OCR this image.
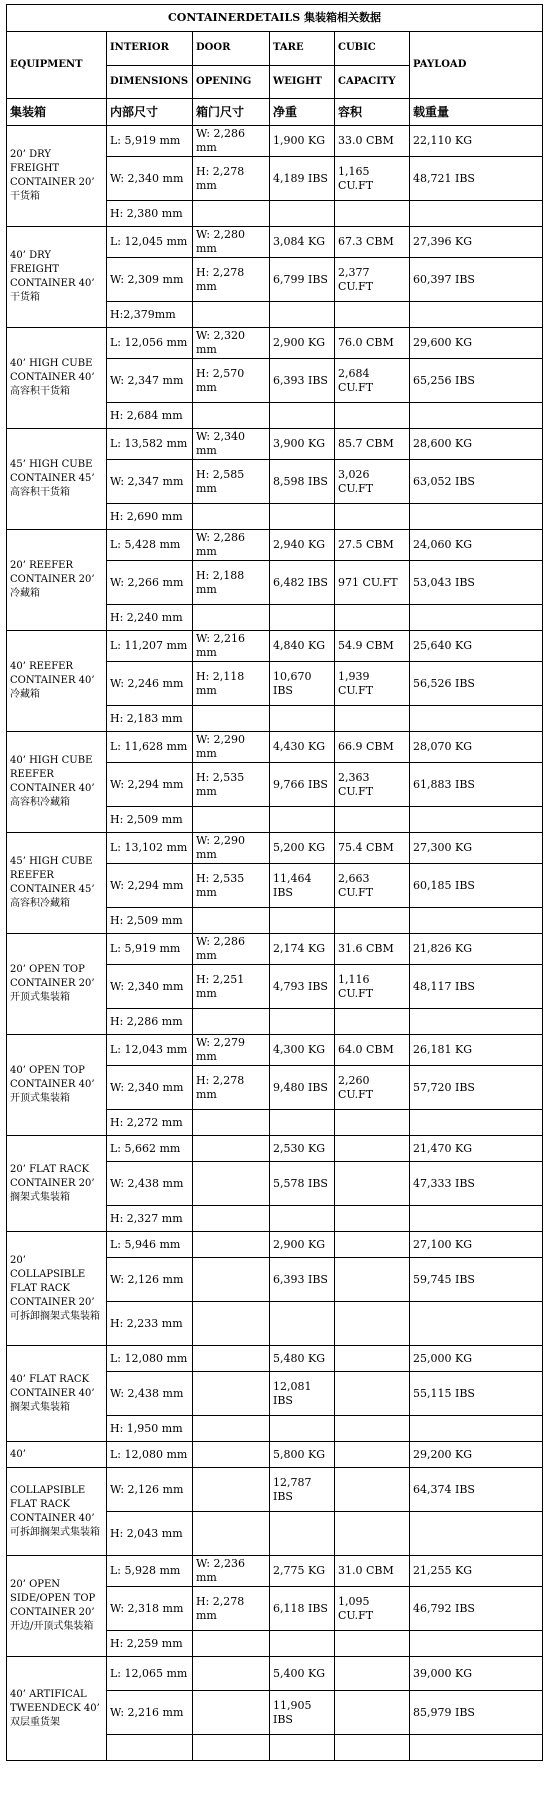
CONTAINERDETAILS 集装箱相关数据					
EQUIPMENT	INTERIOR	DOOR	TARE	CUBIC	PAYLOAD
	DIMENSIONS	OPENING	WEIGHT	CAPACITY	
集装箱	内部尺寸	箱门尺寸	净重	容积	载重量
20’ DRY FREIGHT CONTAINER 20’ 干货箱	L: 5,919 mm	W: 2,286 mm	1,900 KG	33.0 CBM	22,110 KG
	W: 2,340 mm	H: 2,278 mm	4,189 IBS	1,165 CU.FT	48,721 IBS
	H: 2,380 mm				
40’ DRY FREIGHT CONTAINER 40’ 干货箱	L: 12,045 mm	W: 2,280 mm	3,084 KG	67.3 CBM	27,396 KG
	W: 2,309 mm	H: 2,278 mm	6,799 IBS	2,377 CU.FT	60,397 IBS
	H:2,379mm				
40’ HIGH CUBE CONTAINER 40’ 高容积干货箱	L: 12,056 mm	W: 2,320 mm	2,900 KG	76.0 CBM	29,600 KG
	W: 2,347 mm	H: 2,570 mm	6,393 IBS	2,684 CU.FT	65,256 IBS
	H: 2,684 mm				
45’ HIGH CUBE CONTAINER 45’ 高容积干货箱	L: 13,582 mm	W: 2,340 mm	3,900 KG	85.7 CBM	28,600 KG
	W: 2,347 mm	H: 2,585 mm	8,598 IBS	3,026 CU.FT	63,052 IBS
	H: 2,690 mm				
20’ REEFER CONTAINER 20’ 冷藏箱	L: 5,428 mm	W: 2,286 mm	2,940 KG	27.5 CBM	24,060 KG
	W: 2,266 mm	H: 2,188 mm	6,482 IBS	971 CU.FT	53,043 IBS
	H: 2,240 mm				
40’ REEFER CONTAINER 40’ 冷藏箱	L: 11,207 mm	W: 2,216 mm	4,840 KG	54.9 CBM	25,640 KG
	W: 2,246 mm	H: 2,118 mm	10,670 IBS	1,939 CU.FT	56,526 IBS
	H: 2,183 mm				
40’ HIGH CUBE REEFER CONTAINER 40’ 高容积冷藏箱	L: 11,628 mm	W: 2,290 mm	4,430 KG	66.9 CBM	28,070 KG
	W: 2,294 mm	H: 2,535 mm	9,766 IBS	2,363 CU.FT	61,883 IBS
	H: 2,509 mm				
45’ HIGH CUBE REEFER CONTAINER 45’ 高容积冷藏箱	L: 13,102 mm	W: 2,290 mm	5,200 KG	75.4 CBM	27,300 KG
	W: 2,294 mm	H: 2,535 mm	11,464 IBS	2,663 CU.FT	60,185 IBS
	H: 2,509 mm				
20’ OPEN TOP CONTAINER 20’ 开顶式集装箱	L: 5,919 mm	W: 2,286 mm	2,174 KG	31.6 CBM	21,826 KG
	W: 2,340 mm	H: 2,251 mm	4,793 IBS	1,116 CU.FT	48,117 IBS
	H: 2,286 mm				
40’ OPEN TOP CONTAINER 40’ 开顶式集装箱	L: 12,043 mm	W: 2,279 mm	4,300 KG	64.0 CBM	26,181 KG
	W: 2,340 mm	H: 2,278 mm	9,480 IBS	2,260 CU.FT	57,720 IBS
	H: 2,272 mm				
20’ FLAT RACK CONTAINER 20’ 搁架式集装箱	L: 5,662 mm		2,530 KG		21,470 KG
	W: 2,438 mm		5,578 IBS		47,333 IBS
	H: 2,327 mm				
20’ COLLAPSIBLE FLAT RACK CONTAINER 20’ 可拆卸搁架式集装箱	L: 5,946 mm		2,900 KG		27,100 KG
	W: 2,126 mm		6,393 IBS		59,745 IBS
	H: 2,233 mm				
40’ FLAT RACK CONTAINER 40’ 搁架式集装箱	L: 12,080 mm		5,480 KG		25,000 KG
	W: 2,438 mm		12,081 IBS		55,115 IBS
	H: 1,950 mm				
40’	L: 12,080 mm		5,800 KG		29,200 KG
COLLAPSIBLE FLAT RACK CONTAINER 40’ 可拆卸搁架式集装箱	W: 2,126 mm		12,787 IBS		64,374 IBS
	H: 2,043 mm				
20’ OPEN SIDE/OPEN TOP CONTAINER 20’ 开边/开顶式集装箱	L: 5,928 mm	W: 2,236 mm	2,775 KG	31.0 CBM	21,255 KG
	W: 2,318 mm	H: 2,278 mm	6,118 IBS	1,095 CU.FT	46,792 IBS
	H: 2,259 mm				
40’ ARTIFICAL TWEENDECK 40’ 双层重货架	L: 12,065 mm		5,400 KG		39,000 KG
	W: 2,216 mm		11,905 IBS		85,979 IBS
